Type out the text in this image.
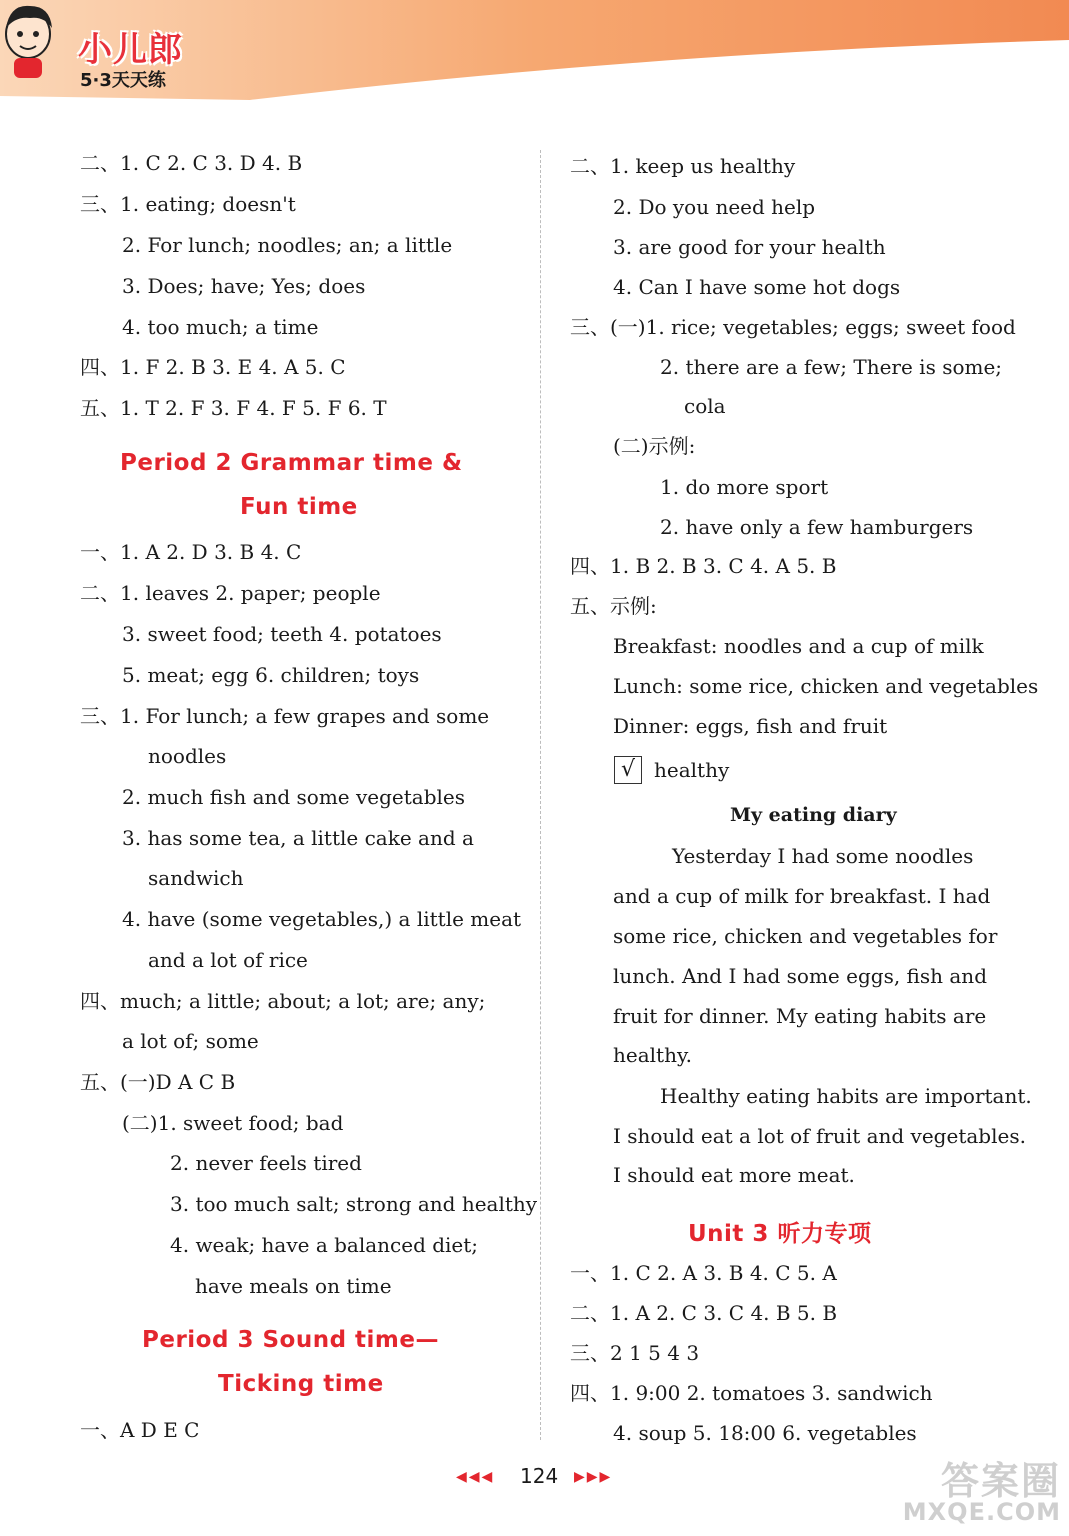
小儿郎
5·3天天练
二、1. C 2. C 3. D 4. B
三、1. eating; doesn't
2. For lunch; noodles; an; a little
3. Does; have; Yes; does
4. too much; a time
四、1. F 2. B 3. E 4. A 5. C
五、1. T 2. F 3. F 4. F 5. F 6. T
Period 2 Grammar time &
Fun time
一、1. A 2. D 3. B 4. C
二、1. leaves 2. paper; people
3. sweet food; teeth 4. potatoes
5. meat; egg 6. children; toys
三、1. For lunch; a few grapes and some
noodles
2. much fish and some vegetables
3. has some tea, a little cake and a
sandwich
4. have (some vegetables,) a little meat
and a lot of rice
四、much; a little; about; a lot; are; any;
a lot of; some
五、(一)D A C B
(二)1. sweet food; bad
2. never feels tired
3. too much salt; strong and healthy
4. weak; have a balanced diet;
have meals on time
Period 3 Sound time—
Ticking time
一、A D E C
二、1. keep us healthy
2. Do you need help
3. are good for your health
4. Can I have some hot dogs
三、(一)1. rice; vegetables; eggs; sweet food
2. there are a few; There is some;
cola
(二)示例:
1. do more sport
2. have only a few hamburgers
四、1. B 2. B 3. C 4. A 5. B
五、示例:
Breakfast: noodles and a cup of milk
Lunch: some rice, chicken and vegetables
Dinner: eggs, fish and fruit
√ healthy
My eating diary
Yesterday I had some noodles
and a cup of milk for breakfast. I had
some rice, chicken and vegetables for
lunch. And I had some eggs, fish and
fruit for dinner. My eating habits are
healthy.
Healthy eating habits are important.
I should eat a lot of fruit and vegetables.
I should eat more meat.
Unit 3 听力专项
一、1. C 2. A 3. B 4. C 5. A
二、1. A 2. C 3. C 4. B 5. B
三、2 1 5 4 3
四、1. 9:00 2. tomatoes 3. sandwich
4. soup 5. 18:00 6. vegetables
◀◀◀ 124 ▶▶▶	答案圈
MXQE.COM
